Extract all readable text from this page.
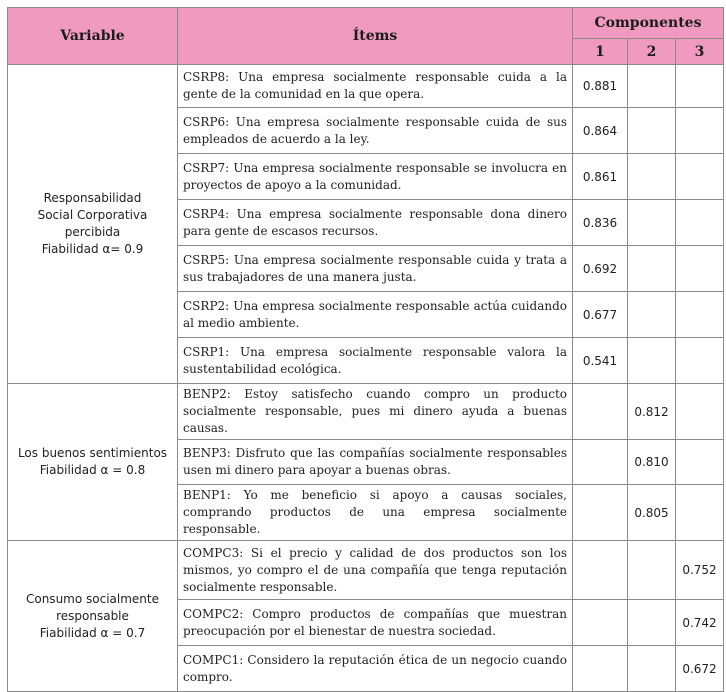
Variable	Ítems	Componentes		
		1	2	3

Responsabilidad
Social Corporativa
percibida
Fiabilidad α= 0.9	CSRP8: Una empresa socialmente responsable cuida a la gente de la comunidad en la que opera.	0.881		
	CSRP6: Una empresa socialmente responsable cuida de sus empleados de acuerdo a la ley.	0.864		
	CSRP7: Una empresa socialmente responsable se involucra en proyectos de apoyo a la comunidad.	0.861		
	CSRP4: Una empresa socialmente responsable dona dinero para gente de escasos recursos.	0.836		
	CSRP5: Una empresa socialmente responsable cuida y trata a sus trabajadores de una manera justa.	0.692		
	CSRP2: Una empresa socialmente responsable actúa cuidando al medio ambiente.	0.677		
	CSRP1: Una empresa socialmente responsable valora la sustentabilidad ecológica.	0.541		

Los buenos sentimientos
Fiabilidad α = 0.8	BENP2: Estoy satisfecho cuando compro un producto socialmente responsable, pues mi dinero ayuda a buenas causas.		0.812	
	BENP3: Disfruto que las compañías socialmente responsables usen mi dinero para apoyar a buenas obras.		0.810	
	BENP1: Yo me beneficio si apoyo a causas sociales, comprando productos de una empresa socialmente responsable.		0.805	

Consumo socialmente
responsable
Fiabilidad α = 0.7	COMPC3: Si el precio y calidad de dos productos son los mismos, yo compro el de una compañía que tenga reputación socialmente responsable.			0.752
	COMPC2: Compro productos de compañías que muestran preocupación por el bienestar de nuestra sociedad.			0.742
	COMPC1: Considero la reputación ética de un negocio cuando compro.			0.672
